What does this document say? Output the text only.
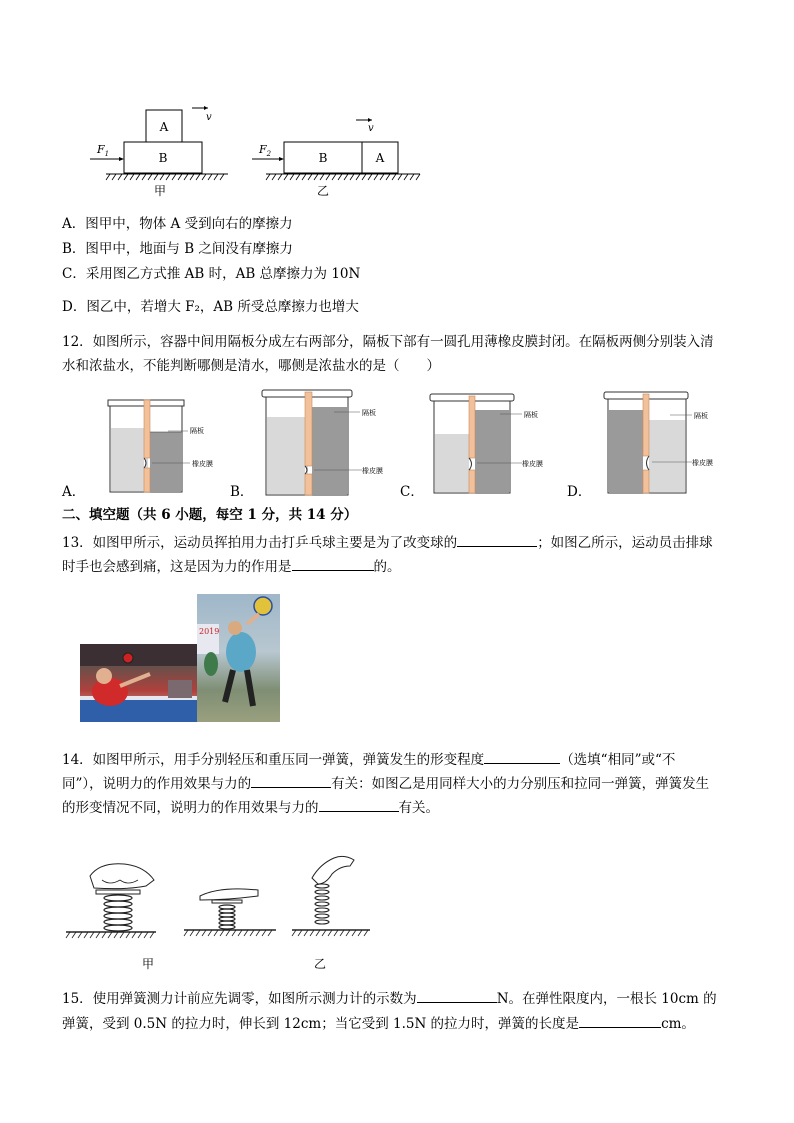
A
B
v
$F_1$
甲
B	A
v
$F_2$
乙
A．图甲中，物体 A 受到向右的摩擦力
B．图甲中，地面与 B 之间没有摩擦力
C．采用图乙方式推 AB 时，AB 总摩擦力为 10N
D．图乙中，若增大 F₂，AB 所受总摩擦力也增大
12．如图所示，容器中间用隔板分成左右两部分，隔板下部有一圆孔用薄橡皮膜封闭。在隔板两侧分别装入清
水和浓盐水，不能判断哪侧是清水，哪侧是浓盐水的是（　　）
隔板
橡皮膜
隔板
橡皮膜
隔板
橡皮膜
隔板
橡皮膜
A．	B．	C．	D．
二、填空题（共 6 小题，每空 1 分，共 14 分）
13．如图甲所示，运动员挥拍用力击打乒乓球主要是为了改变球的	；如图乙所示，运动员击排球
时手也会感到痛，这是因为力的作用是	的。
2019
14．如图甲所示，用手分别轻压和重压同一弹簧，弹簧发生的形变程度	（选填“相同”或“不
同”），说明力的作用效果与力的	有关：如图乙是用同样大小的力分别压和拉同一弹簧，弹簧发生
的形变情况不同，说明力的作用效果与力的	有关。
甲	乙
15．使用弹簧测力计前应先调零，如图所示测力计的示数为	N。在弹性限度内，一根长 10cm 的
弹簧，受到 0.5N 的拉力时，伸长到 12cm；当它受到 1.5N 的拉力时，弹簧的长度是	cm。
